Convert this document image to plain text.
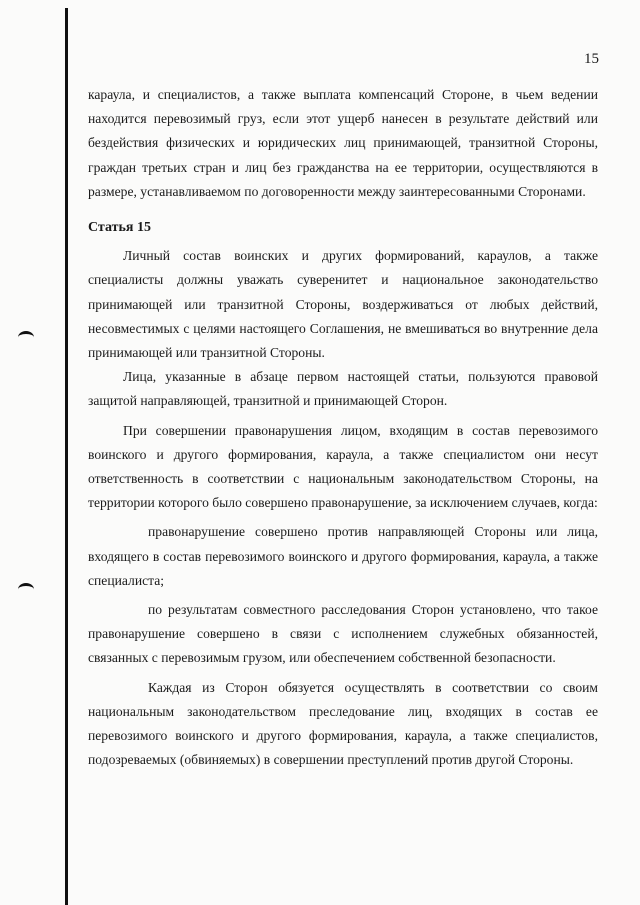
15

караула, и специалистов, а также выплата компенсаций Стороне, в чьем ведении находится перевозимый груз, если этот ущерб нанесен в результате действий или бездействия физических и юридических лиц принимающей, транзитной Стороны, граждан третьих стран и лиц без гражданства на ее территории, осуществляются в размере, устанавливаемом по договоренности между заинтересованными Сторонами.

Статья 15

Личный состав воинских и других формирований, караулов, а также специалисты должны уважать суверенитет и национальное законодательство принимающей или транзитной Стороны, воздерживаться от любых действий, несовместимых с целями настоящего Соглашения, не вмешиваться во внутренние дела принимающей или транзитной Стороны.

Лица, указанные в абзаце первом настоящей статьи, пользуются правовой защитой направляющей, транзитной и принимающей Сторон.

При совершении правонарушения лицом, входящим в состав перевозимого воинского и другого формирования, караула, а также специалистом они несут ответственность в соответствии с национальным законодательством Стороны, на территории которого было совершено правонарушение, за исключением случаев, когда:

правонарушение совершено против направляющей Стороны или лица, входящего в состав перевозимого воинского и другого формирования, караула, а также специалиста;

по результатам совместного расследования Сторон установлено, что такое правонарушение совершено в связи с исполнением служебных обязанностей, связанных с перевозимым грузом, или обеспечением собственной безопасности.

Каждая из Сторон обязуется осуществлять в соответствии со своим национальным законодательством преследование лиц, входящих в состав ее перевозимого воинского и другого формирования, караула, а также специалистов, подозреваемых (обвиняемых) в совершении преступлений против другой Стороны.
